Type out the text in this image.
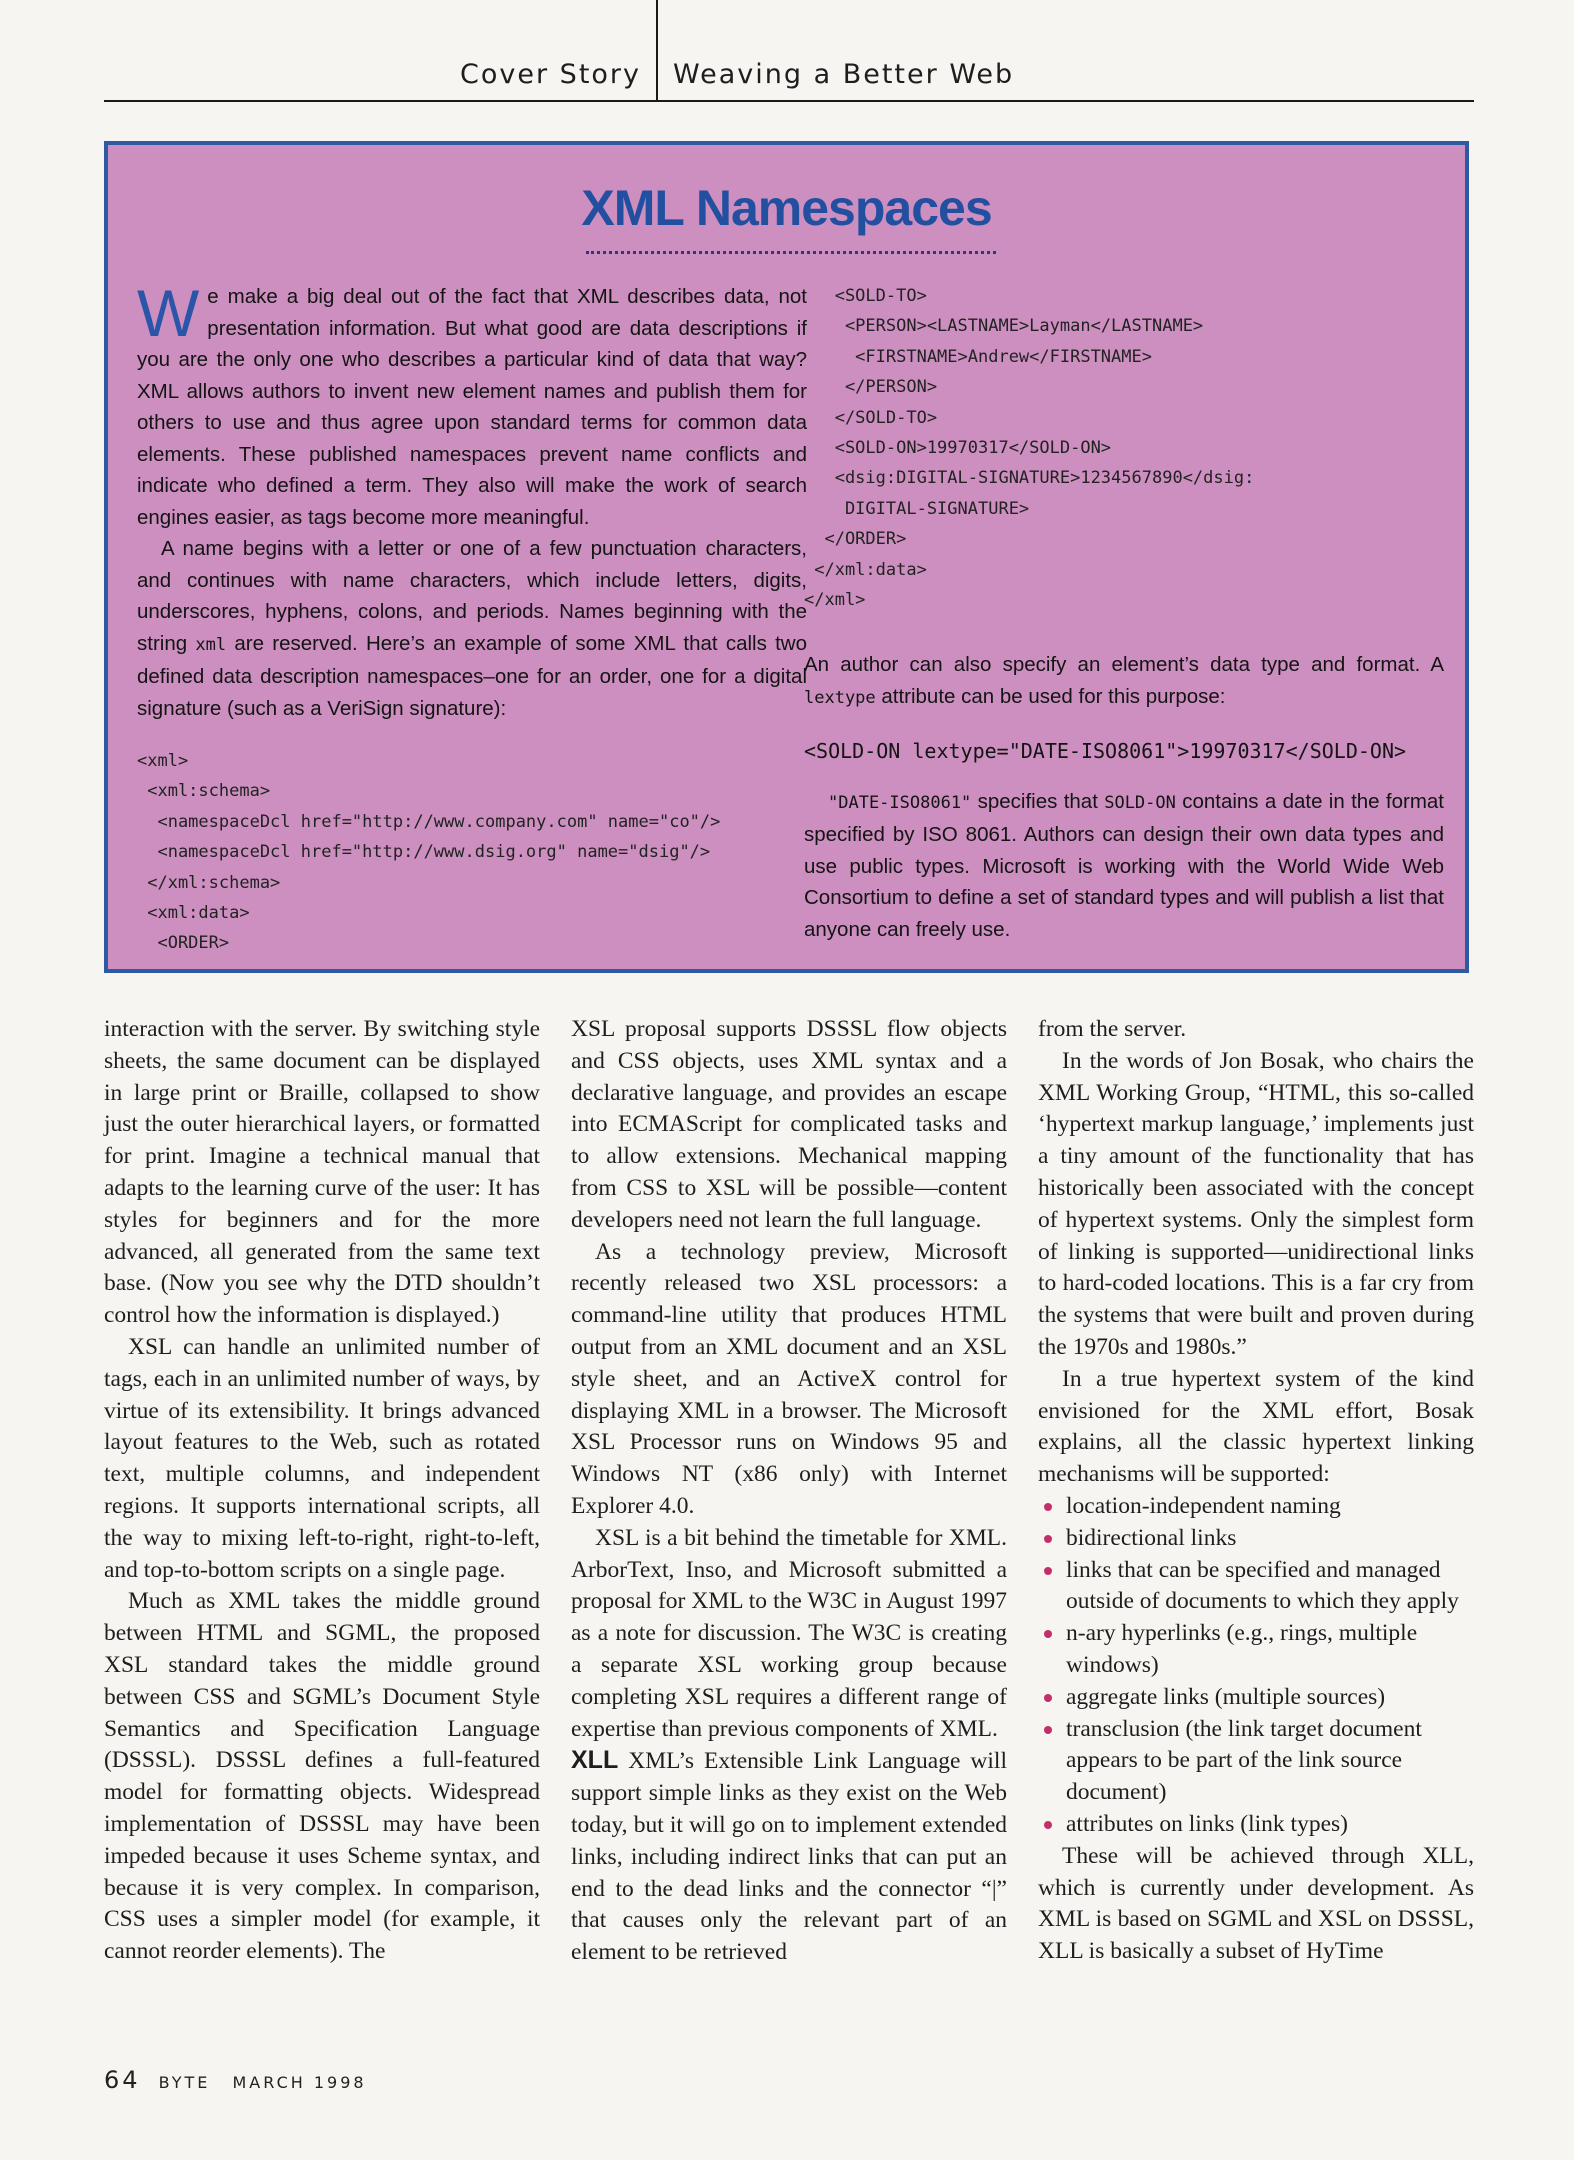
Cover Story Weaving a Better Web
XML Namespaces

We make a big deal out of the fact that XML describes data, not presentation information. But what good are data descriptions if you are the only one who describes a particular kind of data that way? XML allows authors to invent new element names and publish them for others to use and thus agree upon standard terms for common data elements. These published namespaces prevent name conflicts and indicate who defined a term. They also will make the work of search engines easier, as tags become more meaningful.

A name begins with a letter or one of a few punctuation characters, and continues with name characters, which include letters, digits, underscores, hyphens, colons, and periods. Names beginning with the string xml are reserved. Here’s an example of some XML that calls two defined data description namespaces–one for an order, one for a digital signature (such as a VeriSign signature):

<xml>
<xml:schema>
<namespaceDcl href="http://www.company.com" name="co"/>
<namespaceDcl href="http://www.dsig.org" name="dsig"/>
</xml:schema>
<xml:data>
<ORDER>
<SOLD-TO>
<PERSON><LASTNAME>Layman</LASTNAME>
<FIRSTNAME>Andrew</FIRSTNAME>
</PERSON>
</SOLD-TO>
<SOLD-ON>19970317</SOLD-ON>
<dsig:DIGITAL-SIGNATURE>1234567890</dsig:
DIGITAL-SIGNATURE>
</ORDER>
</xml:data>
</xml>

An author can also specify an element’s data type and format. A lextype attribute can be used for this purpose:

<SOLD-ON lextype="DATE-ISO8061">19970317</SOLD-ON>

"DATE-ISO8061" specifies that SOLD-ON contains a date in the format specified by ISO 8061. Authors can design their own data types and use public types. Microsoft is working with the World Wide Web Consortium to define a set of standard types and will publish a list that anyone can freely use.

interaction with the server. By switching style sheets, the same document can be displayed in large print or Braille, collapsed to show just the outer hierarchical layers, or formatted for print. Imagine a technical manual that adapts to the learning curve of the user: It has styles for beginners and for the more advanced, all generated from the same text base. (Now you see why the DTD shouldn’t control how the information is displayed.)

XSL can handle an unlimited number of tags, each in an unlimited number of ways, by virtue of its extensibility. It brings advanced layout features to the Web, such as rotated text, multiple columns, and independent regions. It supports international scripts, all the way to mixing left-to-right, right-to-left, and top-to-bottom scripts on a single page.

Much as XML takes the middle ground between HTML and SGML, the proposed XSL standard takes the middle ground between CSS and SGML’s Document Style Semantics and Specification Language (DSSSL). DSSSL defines a full-featured model for formatting objects. Widespread implementation of DSSSL may have been impeded because it uses Scheme syntax, and because it is very complex. In comparison, CSS uses a simpler model (for example, it cannot reorder elements). The

XSL proposal supports DSSSL flow objects and CSS objects, uses XML syntax and a declarative language, and provides an escape into ECMAScript for complicated tasks and to allow extensions. Mechanical mapping from CSS to XSL will be possible—content developers need not learn the full language.

As a technology preview, Microsoft recently released two XSL processors: a command-line utility that produces HTML output from an XML document and an XSL style sheet, and an ActiveX control for displaying XML in a browser. The Microsoft XSL Processor runs on Windows 95 and Windows NT (x86 only) with Internet Explorer 4.0.

XSL is a bit behind the timetable for XML. ArborText, Inso, and Microsoft submitted a proposal for XML to the W3C in August 1997 as a note for discussion. The W3C is creating a separate XSL working group because completing XSL requires a different range of expertise than previous components of XML.

XLL XML’s Extensible Link Language will support simple links as they exist on the Web today, but it will go on to implement extended links, including indirect links that can put an end to the dead links and the connector “|” that causes only the relevant part of an element to be retrieved

from the server.

In the words of Jon Bosak, who chairs the XML Working Group, “HTML, this so-called ‘hypertext markup language,’ implements just a tiny amount of the functionality that has historically been associated with the concept of hypertext systems. Only the simplest form of linking is supported—unidirectional links to hard-coded locations. This is a far cry from the systems that were built and proven during the 1970s and 1980s.”

In a true hypertext system of the kind envisioned for the XML effort, Bosak explains, all the classic hypertext linking mechanisms will be supported:

location-independent naming
bidirectional links
links that can be specified and managed outside of documents to which they apply
n-ary hyperlinks (e.g., rings, multiple windows)
aggregate links (multiple sources)
transclusion (the link target document appears to be part of the link source document)
attributes on links (link types)

These will be achieved through XLL, which is currently under development. As XML is based on SGML and XSL on DSSSL, XLL is basically a subset of HyTime

64 BYTE MARCH 1998
